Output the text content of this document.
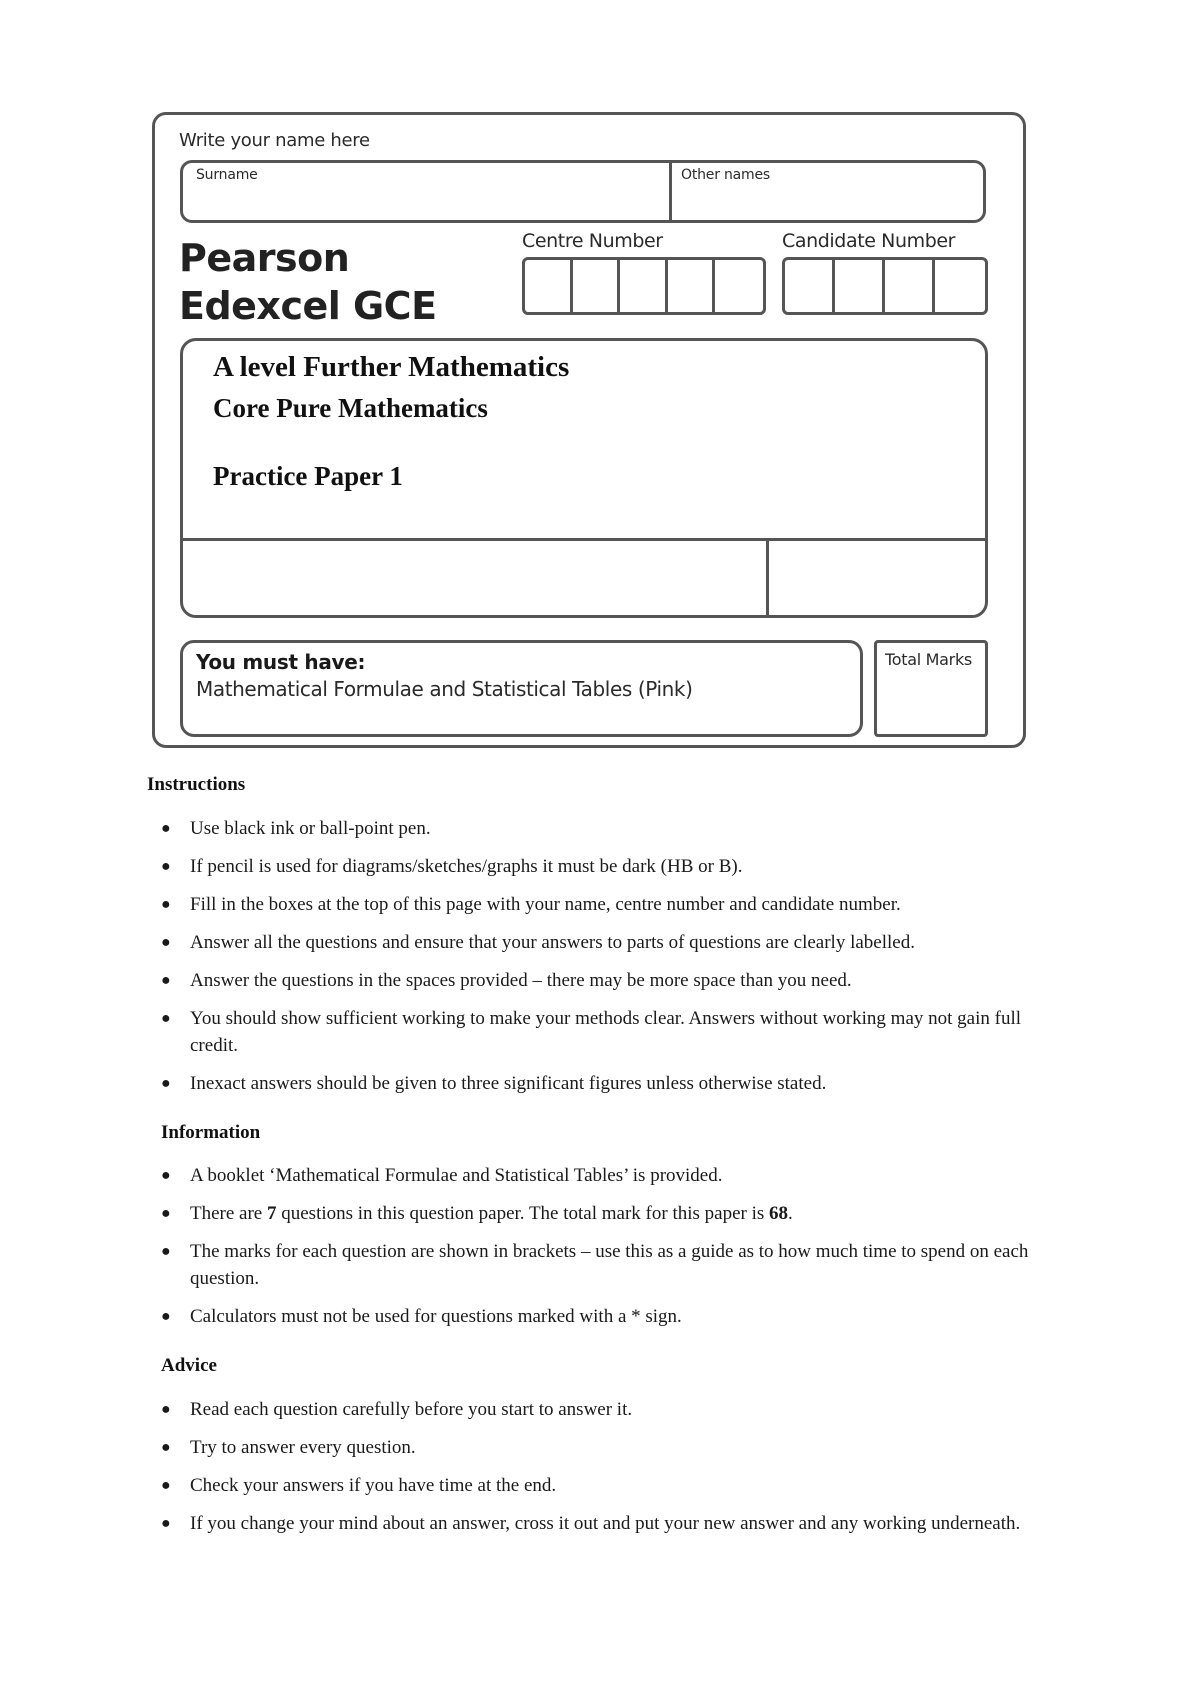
Write your name here
Surname	Other names
Pearson
Edexcel GCE
Centre Number	Candidate Number
A level Further Mathematics
Core Pure Mathematics
Practice Paper 1
You must have:
Mathematical Formulae and Statistical Tables (Pink)
Total Marks
Instructions
● Use black ink or ball-point pen.
● If pencil is used for diagrams/sketches/graphs it must be dark (HB or B).
● Fill in the boxes at the top of this page with your name, centre number and candidate number.
● Answer all the questions and ensure that your answers to parts of questions are clearly labelled.
● Answer the questions in the spaces provided – there may be more space than you need.
● You should show sufficient working to make your methods clear. Answers without working may not gain full credit.
● Inexact answers should be given to three significant figures unless otherwise stated.
Information
● A booklet ‘Mathematical Formulae and Statistical Tables’ is provided.
● There are 7 questions in this question paper. The total mark for this paper is 68.
● The marks for each question are shown in brackets – use this as a guide as to how much time to spend on each question.
● Calculators must not be used for questions marked with a * sign.
Advice
● Read each question carefully before you start to answer it.
● Try to answer every question.
● Check your answers if you have time at the end.
● If you change your mind about an answer, cross it out and put your new answer and any working underneath.
